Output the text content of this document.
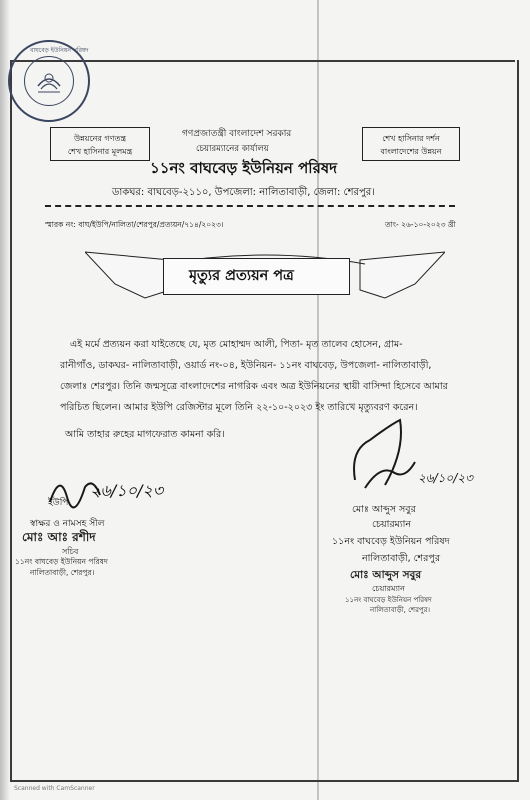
বাঘবেড় ইউনিয়ন পরিষদ
উন্নয়নের গণতন্ত্র
শেখ হাসিনার মূলমন্ত্র
শেখ হাসিনার দর্শন
বাংলাদেশের উন্নয়ন
গণপ্রজাতন্ত্রী বাংলাদেশ সরকার
চেয়ারম্যানের কার্যালয়
১১নং বাঘবেড় ইউনিয়ন পরিষদ
ডাকঘর: বাঘবেড়-২১১০, উপজেলা: নালিতাবাড়ী, জেলা: শেরপুর।
স্মারক নং: বাঘ/ইউপি/নালিতা/শেরপুর/প্রত্যয়ন/৭১৪/২০২৩।	তাং- ২৬-১০-২০২৩ খ্রী
মৃত্যুর প্রত্যয়ন পত্র
এই মর্মে প্রত্যয়ন করা যাইতেছে যে, মৃত মোহাম্মদ আলী, পিতা- মৃত তালেব হোসেন, গ্রাম-
রানীগাঁও, ডাকঘর- নালিতাবাড়ী, ওয়ার্ড নং-০৪, ইউনিয়ন- ১১নং বাঘবেড়, উপজেলা- নালিতাবাড়ী,
জেলাঃ শেরপুর। তিনি জন্মসূত্রে বাংলাদেশের নাগরিক এবং অত্র ইউনিয়নের স্থায়ী বাসিন্দা হিসেবে আমার
পরিচিত ছিলেন। আমার ইউপি রেজিস্টার মূলে তিনি ২২-১০-২০২৩ ইং তারিখে মৃত্যুবরণ করেন।
আমি তাহার রুহের মাগফেরাত কামনা করি।
২৬/১০/২৩
ইউপি
স্বাক্ষর ও নামসহ সীল
মোঃ আঃ রশীদ
সচিব
১১নং বাঘবেড় ইউনিয়ন পরিষদ
নালিতাবাড়ী, শেরপুর।
২৬/১০/২৩
মোঃ আব্দুস সবুর
চেয়ারম্যান
১১নং বাঘবেড় ইউনিয়ন পরিষদ
নালিতাবাড়ী, শেরপুর
মোঃ আব্দুস সবুর
চেয়ারম্যান
১১নং বাঘবেড় ইউনিয়ন পরিষদ
নালিতাবাড়ী, শেরপুর।
Scanned with CamScanner
